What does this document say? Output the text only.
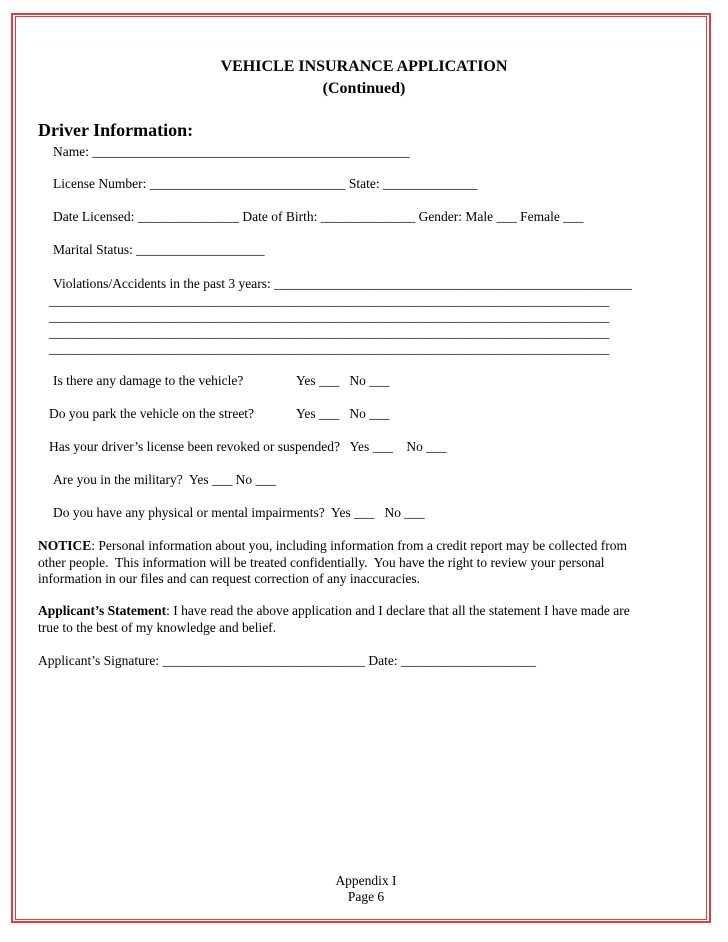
VEHICLE INSURANCE APPLICATION
(Continued)
Driver Information:
Name: _______________________________________________
License Number: _____________________________ State: ______________
Date Licensed: _______________ Date of Birth: ______________ Gender: Male ___ Female ___
Marital Status: ___________________
Violations/Accidents in the past 3 years: _____________________________________________________
___________________________________________________________________________________
___________________________________________________________________________________
___________________________________________________________________________________
___________________________________________________________________________________
Is there any damage to the vehicle?	Yes ___   No ___
Do you park the vehicle on the street?	Yes ___   No ___
Has your driver’s license been revoked or suspended?   Yes ___    No ___
Are you in the military?  Yes ___ No ___
Do you have any physical or mental impairments?  Yes ___   No ___
NOTICE: Personal information about you, including information from a credit report may be collected from
other people.  This information will be treated confidentially.  You have the right to review your personal
information in our files and can request correction of any inaccuracies.
Applicant’s Statement: I have read the above application and I declare that all the statement I have made are
true to the best of my knowledge and belief.
Applicant’s Signature: ______________________________ Date: ____________________
Appendix I
Page 6
